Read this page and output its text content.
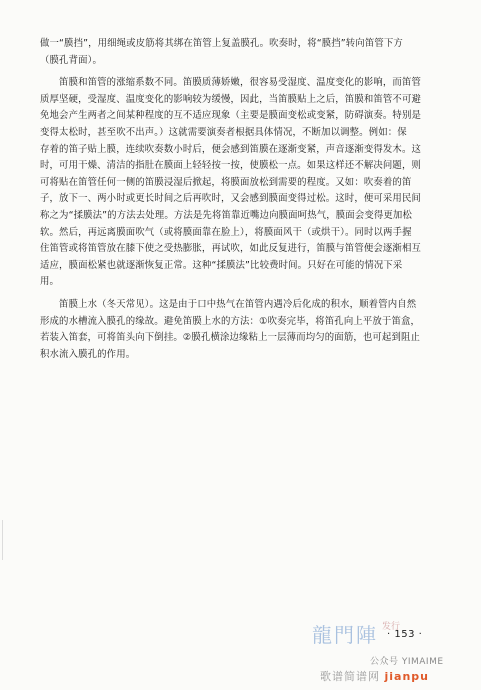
做一“膜挡”，用细绳或皮筋将其绑在笛管上复盖膜孔。吹奏时，将“膜挡”转向笛管下方
（膜孔背面）。
　　笛膜和笛管的涨缩系数不同。笛膜质薄娇嫩，很容易受湿度、温度变化的影响，而笛管
质厚坚硬，受湿度、温度变化的影响较为缓慢，因此，当笛膜贴上之后，笛膜和笛管不可避
免地会产生两者之间某种程度的互不适应现象（主要是膜面变松或变紧，防碍演奏。特别是
变得太松时，甚至吹不出声。）这就需要演奏者根据具体情况，不断加以调整。例如：保
存着的笛子贴上膜，连续吹奏数小时后，便会感到笛膜在逐渐变紧，声音逐渐变得发木。这
时，可用干燥、清洁的指肚在膜面上轻轻按一按，使膜松一点。如果这样还不解决问题，则
可将贴在笛管任何一侧的笛膜浸湿后掀起，将膜面放松到需要的程度。又如：吹奏着的笛
子，放下一、两小时或更长时间之后再吹时，又会感到膜面变得过松。这时，便可采用民间
称之为“揉膜法”的方法去处理。方法是先将笛靠近嘴边向膜面呵热气，膜面会变得更加松
软。然后，再远离膜面吹气（或将膜面靠在脸上），将膜面风干（或烘干）。同时以两手握
住笛管或将笛管放在膝下使之受热膨胀，再试吹，如此反复进行，笛膜与笛管便会逐渐相互
适应，膜面松紧也就逐渐恢复正常。这种“揉膜法”比较费时间。只好在可能的情况下采
用。
　　笛膜上水（冬天常见）。这是由于口中热气在笛管内遇冷后化成的积水，顺着管内自然
形成的水槽流入膜孔的缘故。避免笛膜上水的方法：①吹奏完毕，将笛孔向上平放于笛盒，
若装入笛套，可将笛头向下倒挂。②膜孔横涂边缘粘上一层薄而均匀的面筋，也可起到阻止
积水流入膜孔的作用。
龍門陣 $^{发行}$
· 153 ·
公众号 YIMAIME
歌谱简谱网 jianpu
